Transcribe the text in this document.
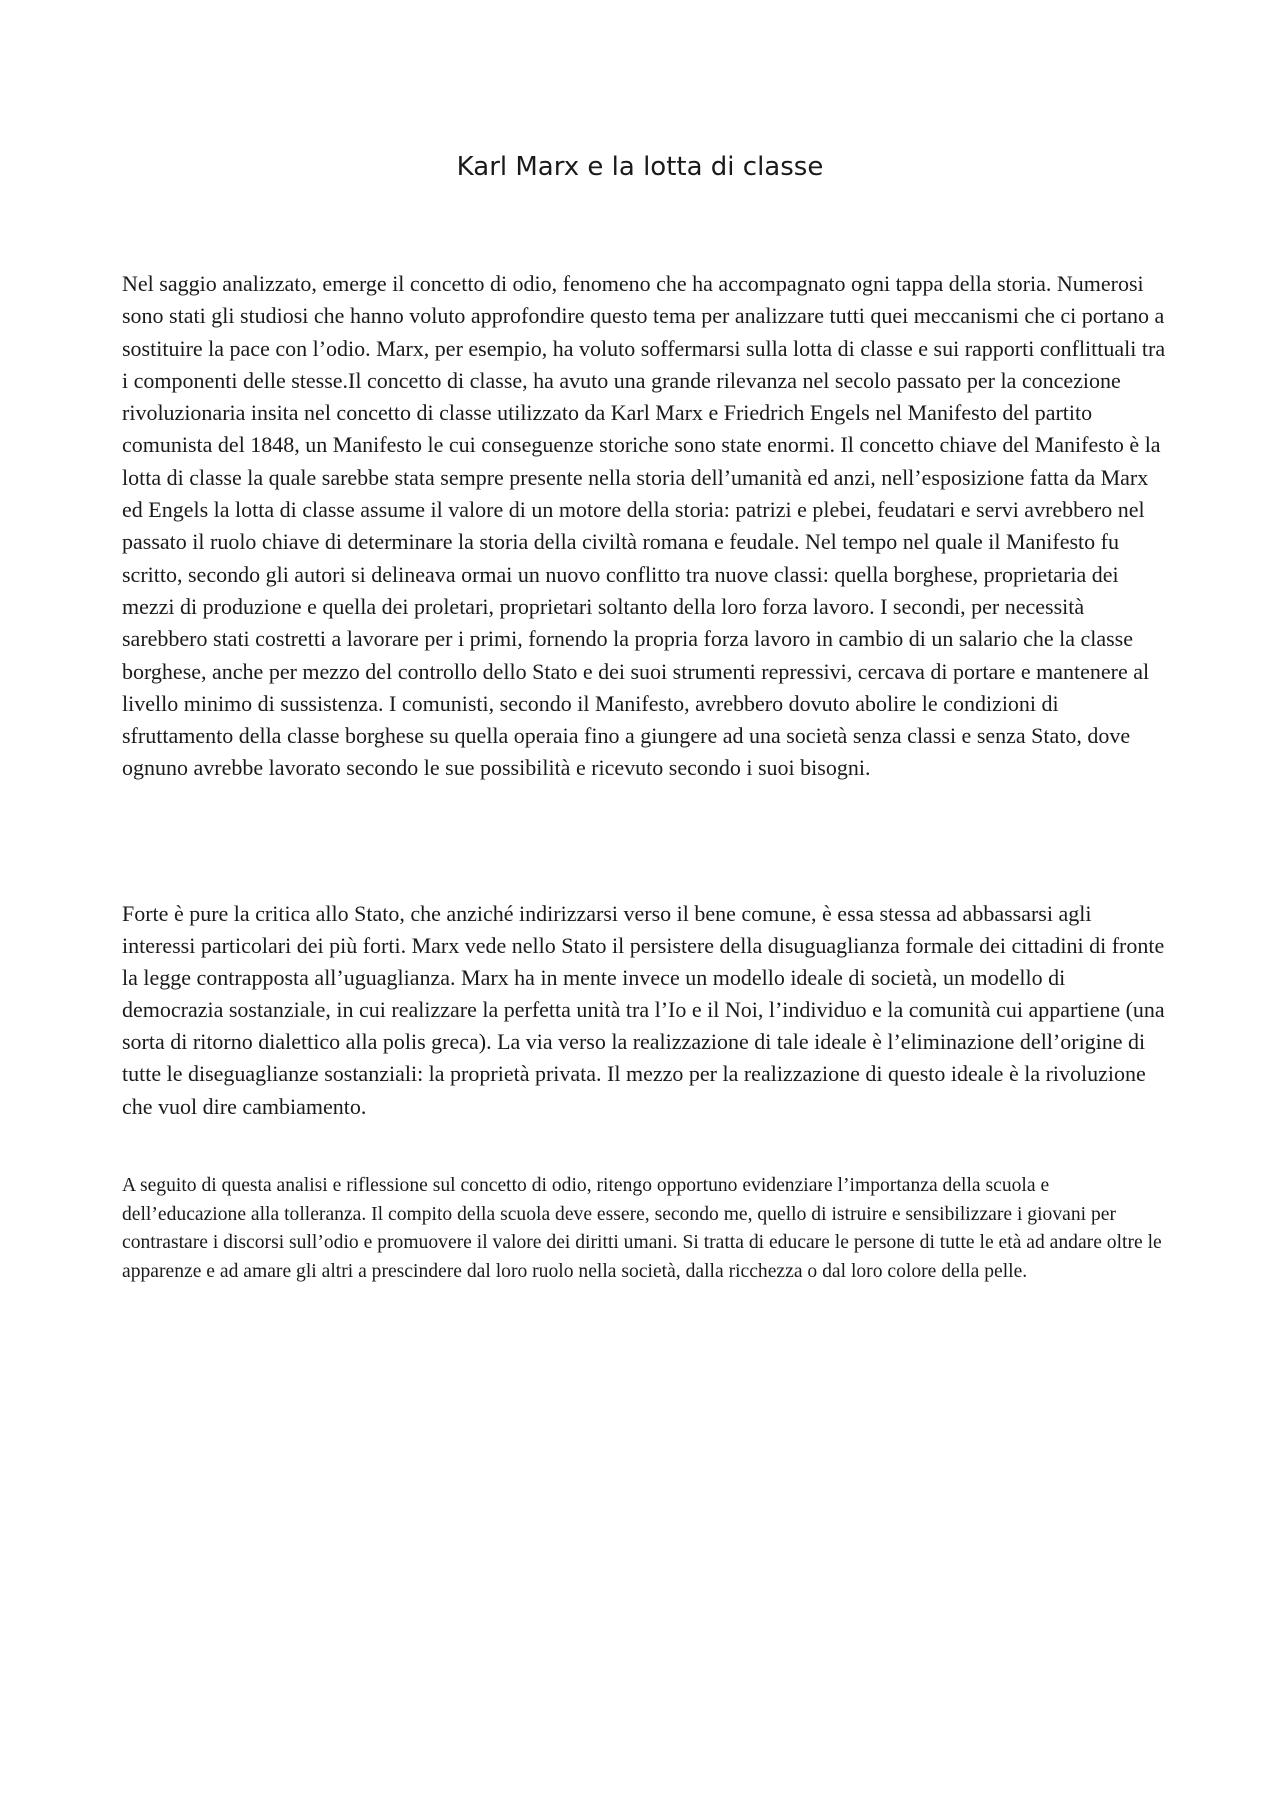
Karl Marx e la lotta di classe

Nel saggio analizzato, emerge il concetto di odio, fenomeno che ha accompagnato ogni tappa della storia. Numerosi sono stati gli studiosi che hanno voluto approfondire questo tema per analizzare tutti quei meccanismi che ci portano a sostituire la pace con l’odio. Marx, per esempio, ha voluto soffermarsi sulla lotta di classe e sui rapporti conflittuali tra i componenti delle stesse.Il concetto di classe, ha avuto una grande rilevanza nel secolo passato per la concezione rivoluzionaria insita nel concetto di classe utilizzato da Karl Marx e Friedrich Engels nel Manifesto del partito comunista del 1848, un Manifesto le cui conseguenze storiche sono state enormi. Il concetto chiave del Manifesto è la lotta di classe la quale sarebbe stata sempre presente nella storia dell’umanità ed anzi, nell’esposizione fatta da Marx ed Engels la lotta di classe assume il valore di un motore della storia: patrizi e plebei, feudatari e servi avrebbero nel passato il ruolo chiave di determinare la storia della civiltà romana e feudale. Nel tempo nel quale il Manifesto fu scritto, secondo gli autori si delineava ormai un nuovo conflitto tra nuove classi: quella borghese, proprietaria dei mezzi di produzione e quella dei proletari, proprietari soltanto della loro forza lavoro. I secondi, per necessità sarebbero stati costretti a lavorare per i primi, fornendo la propria forza lavoro in cambio di un salario che la classe borghese, anche per mezzo del controllo dello Stato e dei suoi strumenti repressivi, cercava di portare e mantenere al livello minimo di sussistenza. I comunisti, secondo il Manifesto, avrebbero dovuto abolire le condizioni di sfruttamento della classe borghese su quella operaia fino a giungere ad una società senza classi e senza Stato, dove ognuno avrebbe lavorato secondo le sue possibilità e ricevuto secondo i suoi bisogni.

Forte è pure la critica allo Stato, che anziché indirizzarsi verso il bene comune, è essa stessa ad abbassarsi agli interessi particolari dei più forti. Marx vede nello Stato il persistere della disuguaglianza formale dei cittadini di fronte la legge contrapposta all’uguaglianza. Marx ha in mente invece un modello ideale di società, un modello di democrazia sostanziale, in cui realizzare la perfetta unità tra l’Io e il Noi, l’individuo e la comunità cui appartiene (una sorta di ritorno dialettico alla polis greca). La via verso la realizzazione di tale ideale è l’eliminazione dell’origine di tutte le diseguaglianze sostanziali: la proprietà privata. Il mezzo per la realizzazione di questo ideale è la rivoluzione che vuol dire cambiamento.

A seguito di questa analisi e riflessione sul concetto di odio, ritengo opportuno evidenziare l’importanza della scuola e dell’educazione alla tolleranza. Il compito della scuola deve essere, secondo me, quello di istruire e sensibilizzare i giovani per contrastare i discorsi sull’odio e promuovere il valore dei diritti umani. Si tratta di educare le persone di tutte le età ad andare oltre le apparenze e ad amare gli altri a prescindere dal loro ruolo nella società, dalla ricchezza o dal loro colore della pelle.
